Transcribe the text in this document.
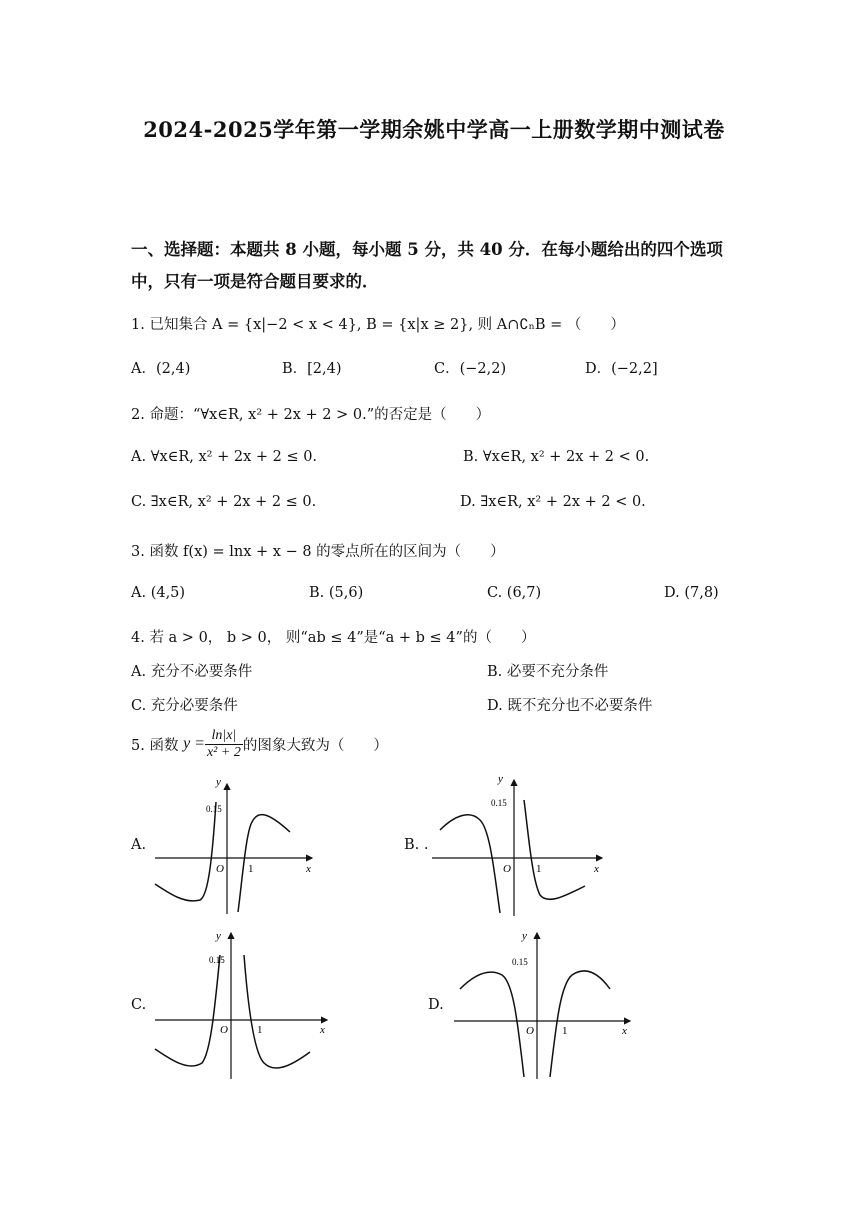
2024-2025学年第一学期余姚中学高一上册数学期中测试卷
一、选择题：本题共 8 小题，每小题 5 分，共 40 分．在每小题给出的四个选项
中，只有一项是符合题目要求的．
1. 已知集合 A = {x|−2 < x < 4}, B = {x|x ≥ 2}, 则 A∩∁ₙB = （　　）
A．(2,4)	B．[2,4)	C．(−2,2)	D．(−2,2]
2. 命题：“∀x∈R, x² + 2x + 2 > 0.”的否定是（　　）
A. ∀x∈R, x² + 2x + 2 ≤ 0.	B. ∀x∈R, x² + 2x + 2 < 0.
C. ∃x∈R, x² + 2x + 2 ≤ 0.	D. ∃x∈R, x² + 2x + 2 < 0.
3. 函数 f(x) = lnx + x − 8 的零点所在的区间为（　　）
A. (4,5)	B. (5,6)	C. (6,7)	D. (7,8)
4. 若 a > 0， b > 0， 则“ab ≤ 4”是“a + b ≤ 4”的（　　）
A. 充分不必要条件	B. 必要不充分条件
C. 充分必要条件	D. 既不充分也不必要条件
5. 函数
$y = \frac{\ln|x|}{\text{x² + 2}}$ 的图象大致为（　　）
A.	B. .
C.	D.
y
x
O 1
0.15
y
x
O 1
0.15
y
x
O	1
0.15
y
x
O	1
0.15
